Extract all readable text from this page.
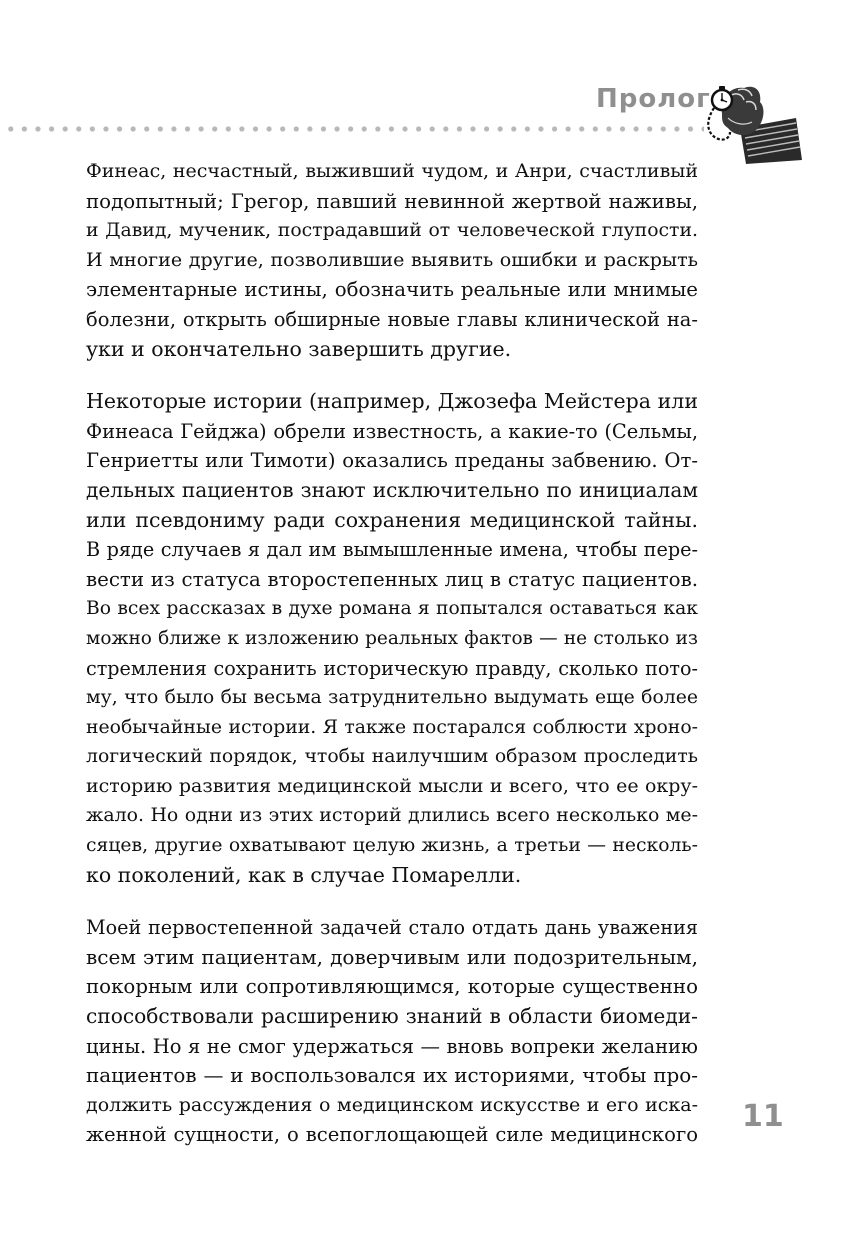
Пролог

Финеас, несчастный, выживший чудом, и Анри, счастливый
подопытный; Грегор, павший невинной жертвой наживы,
и Давид, мученик, пострадавший от человеческой глупости.
И многие другие, позволившие выявить ошибки и раскрыть
элементарные истины, обозначить реальные или мнимые
болезни, открыть обширные новые главы клинической на-
уки и окончательно завершить другие.

Некоторые истории (например, Джозефа Мейстера или
Финеаса Гейджа) обрели известность, а какие-то (Сельмы,
Генриетты или Тимоти) оказались преданы забвению. От-
дельных пациентов знают исключительно по инициалам
или псевдониму ради сохранения медицинской тайны.
В ряде случаев я дал им вымышленные имена, чтобы пере-
вести из статуса второстепенных лиц в статус пациентов.
Во всех рассказах в духе романа я попытался оставаться как
можно ближе к изложению реальных фактов — не столько из
стремления сохранить историческую правду, сколько пото-
му, что было бы весьма затруднительно выдумать еще более
необычайные истории. Я также постарался соблюсти хроно-
логический порядок, чтобы наилучшим образом проследить
историю развития медицинской мысли и всего, что ее окру-
жало. Но одни из этих историй длились всего несколько ме-
сяцев, другие охватывают целую жизнь, а третьи — несколь-
ко поколений, как в случае Помарелли.

Моей первостепенной задачей стало отдать дань уважения
всем этим пациентам, доверчивым или подозрительным,
покорным или сопротивляющимся, которые существенно
способствовали расширению знаний в области биомеди-
цины. Но я не смог удержаться — вновь вопреки желанию
пациентов — и воспользовался их историями, чтобы про-
должить рассуждения о медицинском искусстве и его иска-
женной сущности, о всепоглощающей силе медицинского

11
